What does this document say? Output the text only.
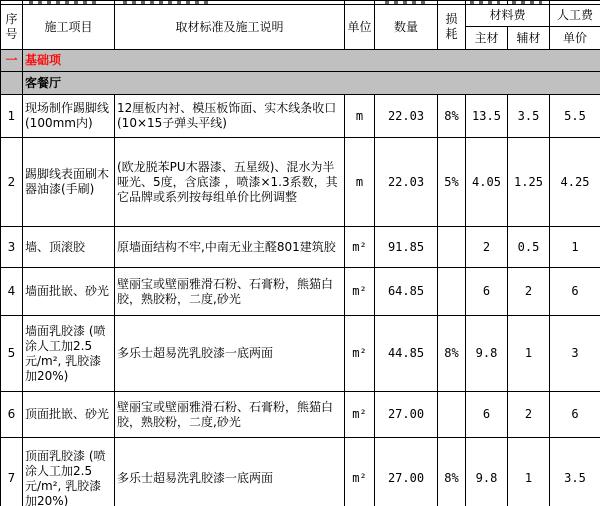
序号	施工项目	取材标准及施工说明	单位	数量	损耗	材料费		人工费
						主材	辅材	单价
一	基础项							
	客餐厅							
1	现场制作踢脚线(100mm内)	12厘板内衬、模压板饰面、实木线条收口(10×15子弹头平线)	m	22.03	8%	13.5	3.5	5.5
2	踢脚线表面刷木器油漆(手刷)	(欧龙脱苯PU木器漆、五星级)、混水为半哑光、5度，含底漆 ，喷漆×1.3系数，其它品牌或系列按每组单价比例调整	m	22.03	5%	4.05	1.25	4.25
3	墙、顶滚胶	原墙面结构不牢,中南无业主醛801建筑胶	m²	91.85		2	0.5	1
4	墙面批嵌、砂光	壁丽宝或壁丽雅滑石粉、石膏粉，熊猫白胶，熟胶粉，二度,砂光	m²	64.85		6	2	6
5	墙面乳胶漆 (喷涂人工加2.5元/m², 乳胶漆加20%)	多乐士超易洗乳胶漆一底两面	m²	44.85	8%	9.8	1	3
6	顶面批嵌、砂光	壁丽宝或壁丽雅滑石粉、石膏粉，熊猫白胶，熟胶粉，二度,砂光	m²	27.00		6	2	6
7	顶面乳胶漆 (喷涂人工加2.5元/m², 乳胶漆加20%)	多乐士超易洗乳胶漆一底两面	m²	27.00	8%	9.8	1	3.5
